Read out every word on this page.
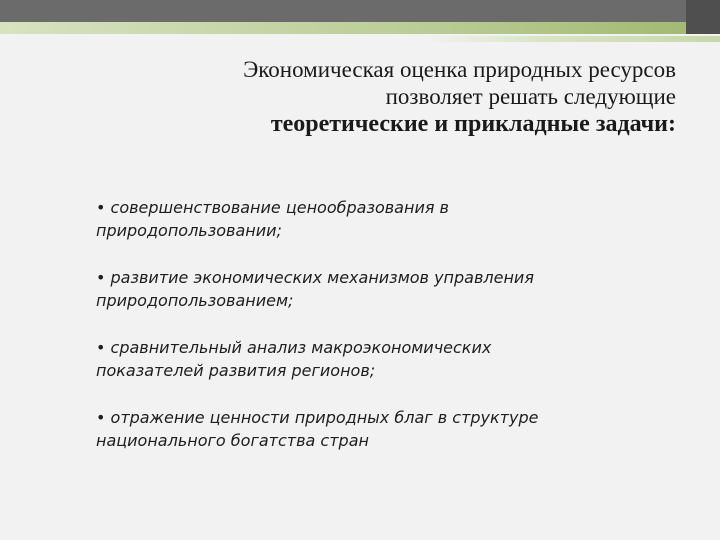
Экономическая оценка природных ресурсов
позволяет решать следующие
теоретические и прикладные задачи:
• совершенствование ценообразования в
природопользовании;
• развитие экономических механизмов управления
природопользованием;
• сравнительный анализ макроэкономических
показателей развития регионов;
• отражение ценности природных благ в структуре
национального богатства стран
